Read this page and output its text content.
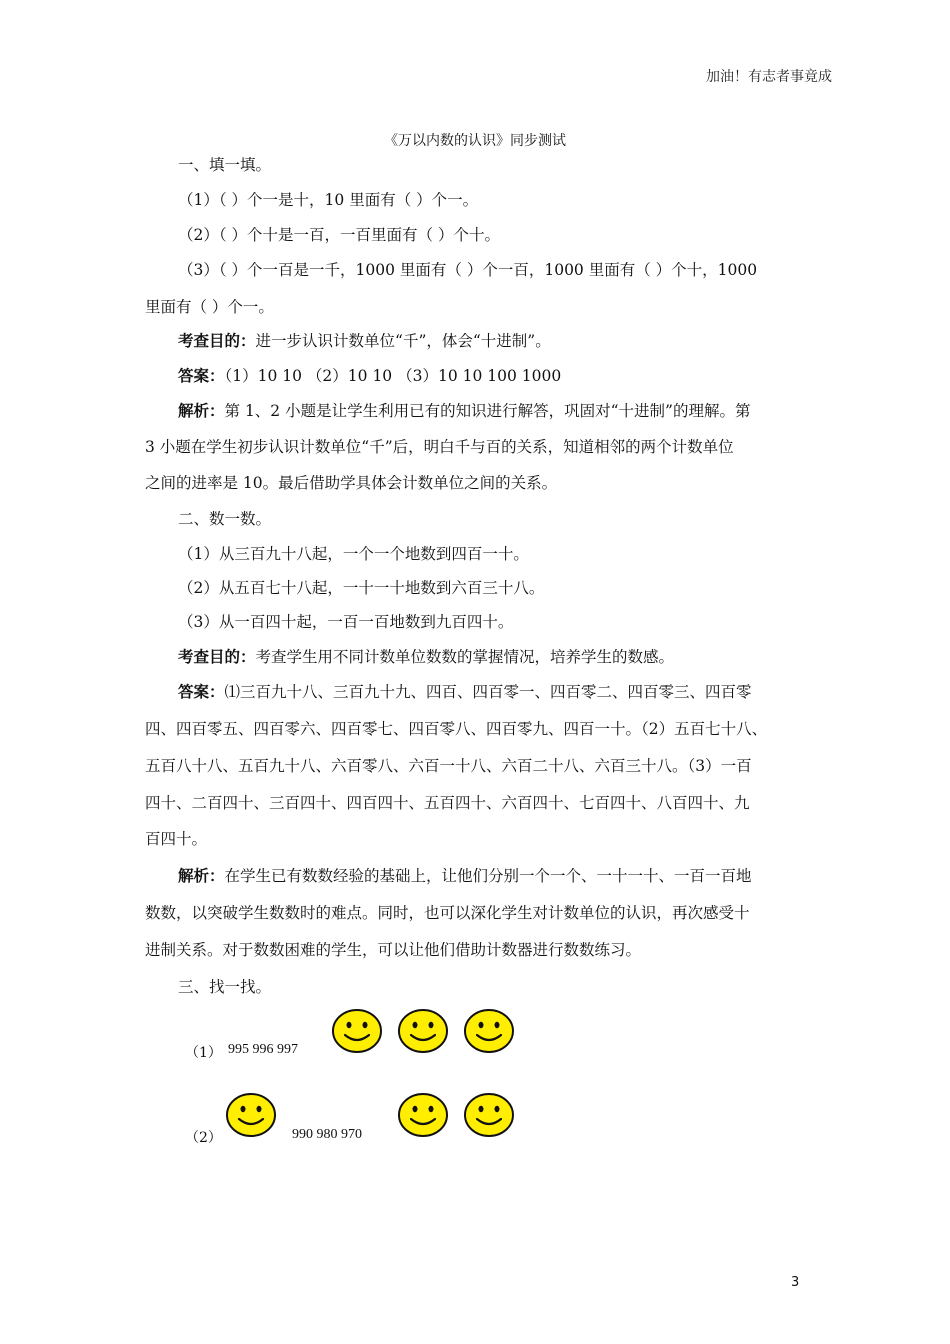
加油！有志者事竟成
《万以内数的认识》同步测试
一、填一填。
（1）（ ）个一是十，10 里面有（ ）个一。
（2）（ ）个十是一百，一百里面有（ ）个十。
（3）（ ）个一百是一千，1000 里面有（ ）个一百，1000 里面有（ ）个十，1000
里面有（ ）个一。
考查目的：进一步认识计数单位“千”，体会“十进制”。
答案：（1）10 10 （2）10 10 （3）10 10 100 1000
解析：第 1、2 小题是让学生利用已有的知识进行解答，巩固对“十进制”的理解。第
3 小题在学生初步认识计数单位“千”后，明白千与百的关系，知道相邻的两个计数单位
之间的进率是 10。最后借助学具体会计数单位之间的关系。
二、数一数。
（1）从三百九十八起，一个一个地数到四百一十。
（2）从五百七十八起，一十一十地数到六百三十八。
（3）从一百四十起，一百一百地数到九百四十。
考查目的：考查学生用不同计数单位数数的掌握情况，培养学生的数感。
答案：⑴三百九十八、三百九十九、四百、四百零一、四百零二、四百零三、四百零
四、四百零五、四百零六、四百零七、四百零八、四百零九、四百一十。（2）五百七十八、
五百八十八、五百九十八、六百零八、六百一十八、六百二十八、六百三十八。（3）一百
四十、二百四十、三百四十、四百四十、五百四十、六百四十、七百四十、八百四十、九
百四十。
解析：在学生已有数数经验的基础上，让他们分别一个一个、一十一十、一百一百地
数数，以突破学生数数时的难点。同时，也可以深化学生对计数单位的认识，再次感受十
进制关系。对于数数困难的学生，可以让他们借助计数器进行数数练习。
三、找一找。
（1） 995 996 997
（2）	990 980 970
3
